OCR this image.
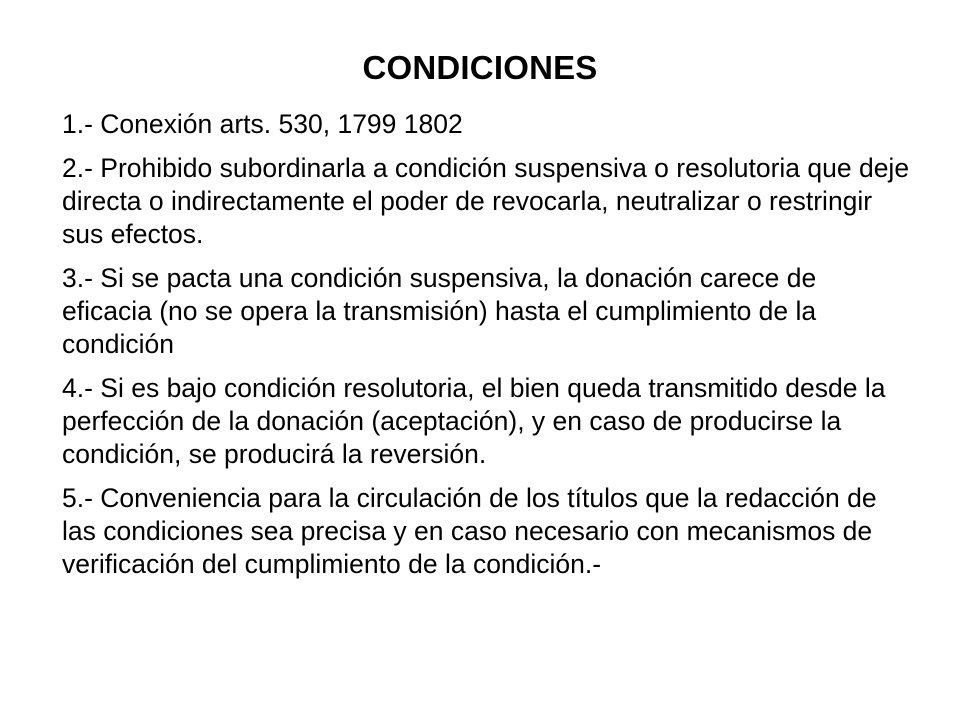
CONDICIONES
1.- Conexión arts. 530, 1799 1802
2.- Prohibido subordinarla a condición suspensiva o resolutoria que deje directa o indirectamente el poder de revocarla, neutralizar o restringir sus efectos.
3.- Si se pacta una condición suspensiva, la donación carece de eficacia (no se opera la transmisión) hasta el cumplimiento de la condición
4.- Si es bajo condición resolutoria, el bien queda transmitido desde la perfección de la donación (aceptación), y en caso de producirse la condición, se producirá la reversión.
5.- Conveniencia para la circulación de los títulos que la redacción de las condiciones sea precisa y en caso necesario con mecanismos de verificación del cumplimiento de la condición.-
